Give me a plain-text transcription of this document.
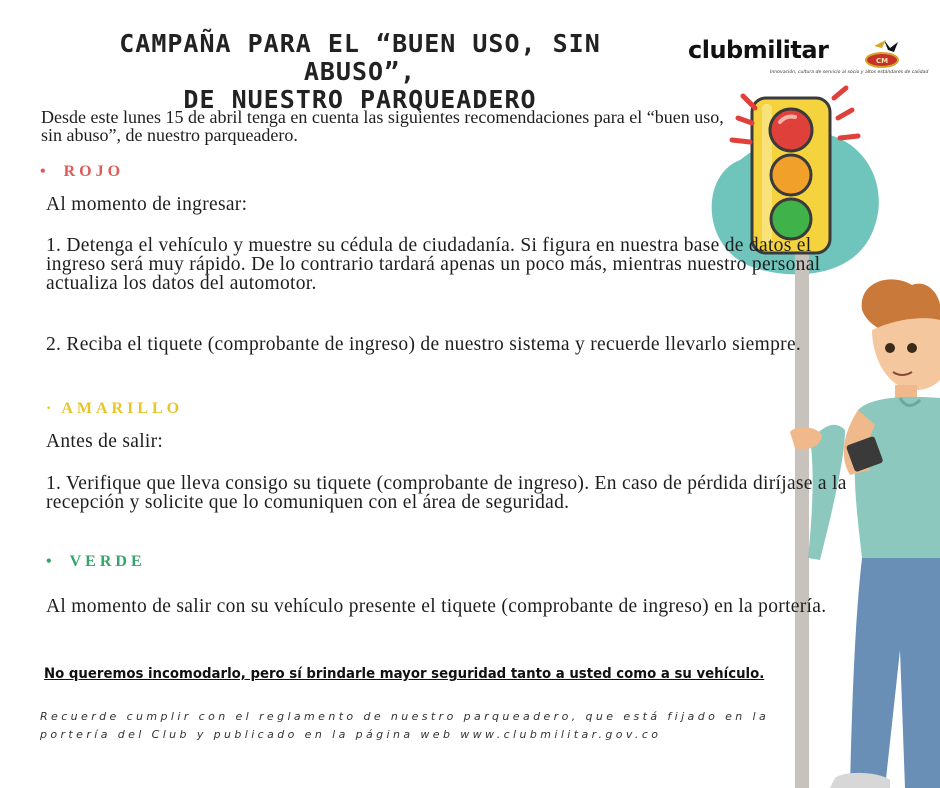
CAMPAÑA PARA EL “BUEN USO, SIN ABUSO”,
DE NUESTRO PARQUEADERO
clubmilitar
Innovación, cultura de servicio al socio y altos estándares de calidad
CM
Desde este lunes 15 de abril tenga en cuenta las siguientes recomendaciones para el “buen uso, sin abuso”, de nuestro parqueadero.
• ROJO
Al momento de ingresar:
1. Detenga el vehículo y muestre su cédula de ciudadanía. Si figura en nuestra base de datos el ingreso será muy rápido. De lo contrario tardará apenas un poco más, mientras nuestro personal actualiza los datos del automotor.
2. Reciba el tiquete (comprobante de ingreso) de nuestro sistema y recuerde llevarlo siempre.
· AMARILLO
Antes de salir:
1. Verifique que lleva consigo su tiquete (comprobante de ingreso). En caso de pérdida diríjase a la recepción y solicite que lo comuniquen con el área de seguridad.
• VERDE
Al momento de salir con su vehículo presente el tiquete (comprobante de ingreso) en la portería.
No queremos incomodarlo, pero sí brindarle mayor seguridad tanto a usted como a su vehículo.
Recuerde cumplir con el reglamento de nuestro parqueadero, que está fijado en la portería del Club y publicado en la página web www.clubmilitar.gov.co
